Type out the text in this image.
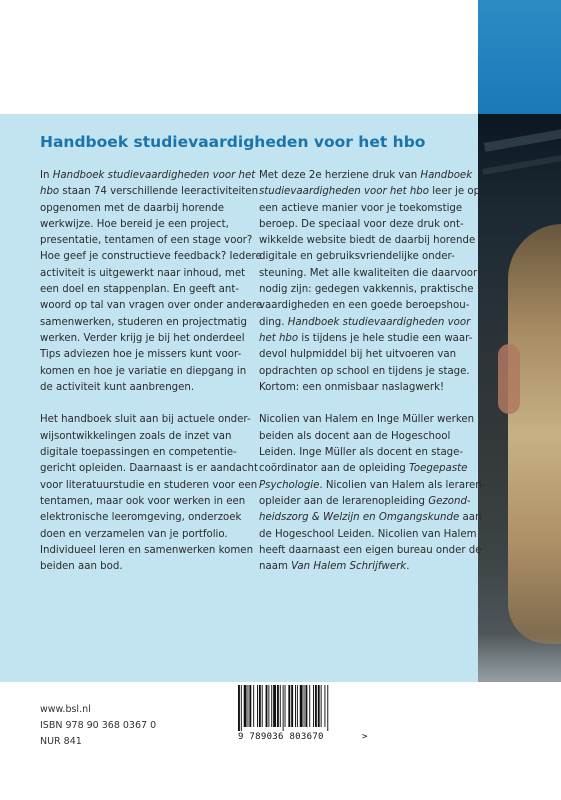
Handboek studievaardigheden voor het hbo

In Handboek studievaardigheden voor het
hbo staan 74 verschillende leeractiviteiten
opgenomen met de daarbij horende
werkwijze. Hoe bereid je een project,
presentatie, tentamen of een stage voor?
Hoe geef je constructieve feedback? Iedere
activiteit is uitgewerkt naar inhoud, met
een doel en stappenplan. En geeft ant-
woord op tal van vragen over onder andere
samenwerken, studeren en projectmatig
werken. Verder krijg je bij het onderdeel
Tips adviezen hoe je missers kunt voor-
komen en hoe je variatie en diepgang in
de activiteit kunt aanbrengen.

Het handboek sluit aan bij actuele onder-
wijsontwikkelingen zoals de inzet van
digitale toepassingen en competentie-
gericht opleiden. Daarnaast is er aandacht
voor literatuurstudie en studeren voor een
tentamen, maar ook voor werken in een
elektronische leeromgeving, onderzoek
doen en verzamelen van je portfolio.
Individueel leren en samenwerken komen
beiden aan bod.

Met deze 2e herziene druk van Handboek
studievaardigheden voor het hbo leer je op
een actieve manier voor je toekomstige
beroep. De speciaal voor deze druk ont-
wikkelde website biedt de daarbij horende
digitale en gebruiksvriendelijke onder-
steuning. Met alle kwaliteiten die daarvoor
nodig zijn: gedegen vakkennis, praktische
vaardigheden en een goede beroepshou-
ding. Handboek studievaardigheden voor
het hbo is tijdens je hele studie een waar-
devol hulpmiddel bij het uitvoeren van
opdrachten op school en tijdens je stage.
Kortom: een onmisbaar naslagwerk!

Nicolien van Halem en Inge Müller werken
beiden als docent aan de Hogeschool
Leiden. Inge Müller als docent en stage-
coördinator aan de opleiding Toegepaste
Psychologie. Nicolien van Halem als leraren-
opleider aan de lerarenopleiding Gezond-
heidszorg & Welzijn en Omgangskunde aan
de Hogeschool Leiden. Nicolien van Halem
heeft daarnaast een eigen bureau onder de
naam Van Halem Schrijfwerk.

www.bsl.nl
ISBN 978 90 368 0367 0
NUR 841	9 789036 803670	>
